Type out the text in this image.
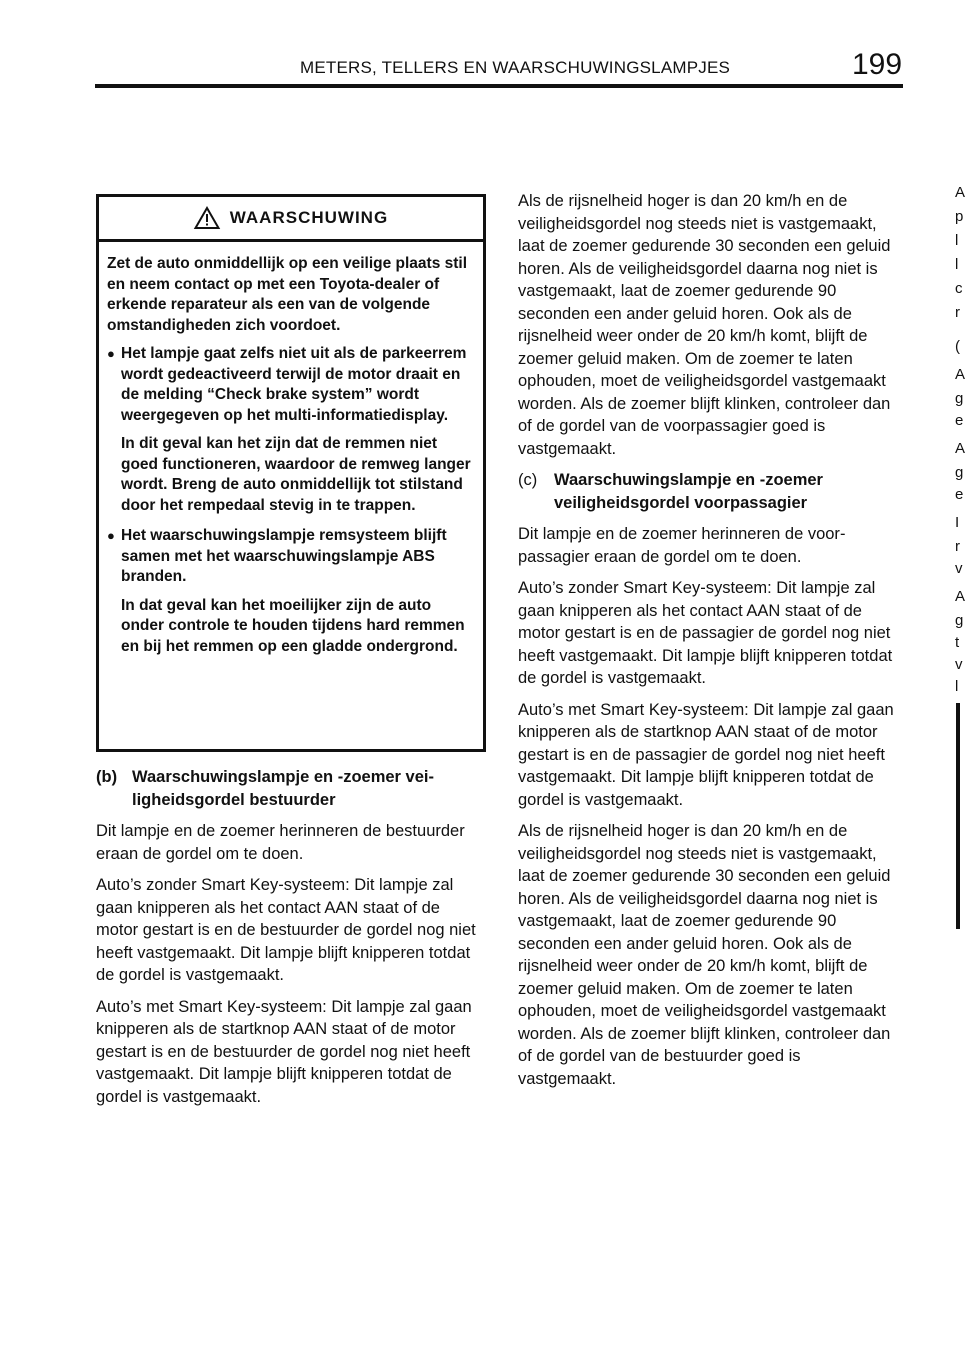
METERS, TELLERS EN WAARSCHUWINGSLAMPJES	199
A
p
l
l
c
r
(
A
g
e
A
g
e
I
r
v
A
g
t
v
l
WAARSCHUWING

Zet de auto onmiddellijk op een veilige plaats stil en neem contact op met een Toyota-dealer of erkende reparateur als een van de volgende omstandigheden zich voordoet.

● Het lampje gaat zelfs niet uit als de parkeerrem wordt gedeactiveerd terwijl de motor draait en de melding “Check brake system” wordt weergegeven op het multi-informatiedisplay.

In dit geval kan het zijn dat de remmen niet goed functioneren, waardoor de remweg langer wordt. Breng de auto onmiddellijk tot stilstand door het rempedaal stevig in te trappen.

● Het waarschuwingslampje remsysteem blijft samen met het waarschuwingslampje ABS branden.

In dat geval kan het moeilijker zijn de auto onder controle te houden tijdens hard remmen en bij het remmen op een gladde ondergrond.

(b) Waarschuwingslampje en -zoemer veiligheidsgordel bestuurder

Dit lampje en de zoemer herinneren de bestuurder eraan de gordel om te doen.

Auto’s zonder Smart Key-systeem: Dit lampje zal gaan knipperen als het contact AAN staat of de motor gestart is en de bestuurder de gordel nog niet heeft vastgemaakt. Dit lampje blijft knipperen totdat de gordel is vastgemaakt.

Auto’s met Smart Key-systeem: Dit lampje zal gaan knipperen als de startknop AAN staat of de motor gestart is en de bestuurder de gordel nog niet heeft vastgemaakt. Dit lampje blijft knipperen totdat de gordel is vastgemaakt.

Als de rijsnelheid hoger is dan 20 km/h en de veiligheidsgordel nog steeds niet is vastgemaakt, laat de zoemer gedurende 30 seconden een geluid horen. Als de veiligheidsgordel daarna nog niet is vastgemaakt, laat de zoemer gedurende 90 seconden een ander geluid horen. Ook als de rijsnelheid weer onder de 20 km/h komt, blijft de zoemer geluid maken. Om de zoemer te laten ophouden, moet de veiligheidsgordel vastgemaakt worden. Als de zoemer blijft klinken, controleer dan of de gordel van de voorpassagier goed is vastgemaakt.

(c)	Waarschuwingslampje en -zoemer veiligheidsgordel voorpassagier

Dit lampje en de zoemer herinneren de voorpassagier eraan de gordel om te doen.

Auto’s zonder Smart Key-systeem: Dit lampje zal gaan knipperen als het contact AAN staat of de motor gestart is en de passagier de gordel nog niet heeft vastgemaakt. Dit lampje blijft knipperen totdat de gordel is vastgemaakt.

Auto’s met Smart Key-systeem: Dit lampje zal gaan knipperen als de startknop AAN staat of de motor gestart is en de passagier de gordel nog niet heeft vastgemaakt. Dit lampje blijft knipperen totdat de gordel is vastgemaakt.

Als de rijsnelheid hoger is dan 20 km/h en de veiligheidsgordel nog steeds niet is vastgemaakt, laat de zoemer gedurende 30 seconden een geluid horen. Als de veiligheidsgordel daarna nog niet is vastgemaakt, laat de zoemer gedurende 90 seconden een ander geluid horen. Ook als de rijsnelheid weer onder de 20 km/h komt, blijft de zoemer geluid maken. Om de zoemer te laten ophouden, moet de veiligheidsgordel vastgemaakt worden. Als de zoemer blijft klinken, controleer dan of de gordel van de bestuurder goed is vastgemaakt.
